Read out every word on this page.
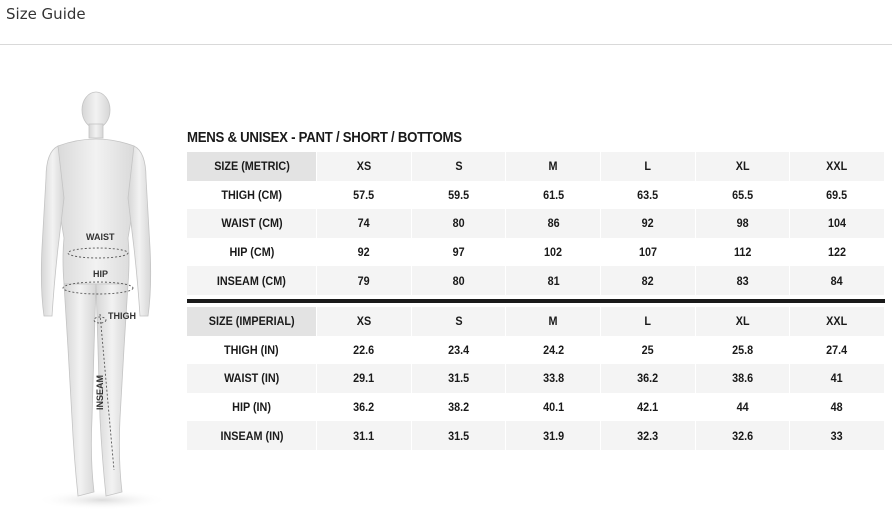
Size Guide
WAIST
HIP
THIGH
INSEAM
MENS & UNISEX - PANT / SHORT / BOTTOMS
SIZE (METRIC)	XS	S	M	L	XL	XXL
THIGH (CM)	57.5	59.5	61.5	63.5	65.5	69.5
WAIST (CM)	74	80	86	92	98	104
HIP (CM)	92	97	102	107	112	122
INSEAM (CM)	79	80	81	82	83	84
SIZE (IMPERIAL)	XS	S	M	L	XL	XXL
THIGH (IN)	22.6	23.4	24.2	25	25.8	27.4
WAIST (IN)	29.1	31.5	33.8	36.2	38.6	41
HIP (IN)	36.2	38.2	40.1	42.1	44	48
INSEAM (IN)	31.1	31.5	31.9	32.3	32.6	33
